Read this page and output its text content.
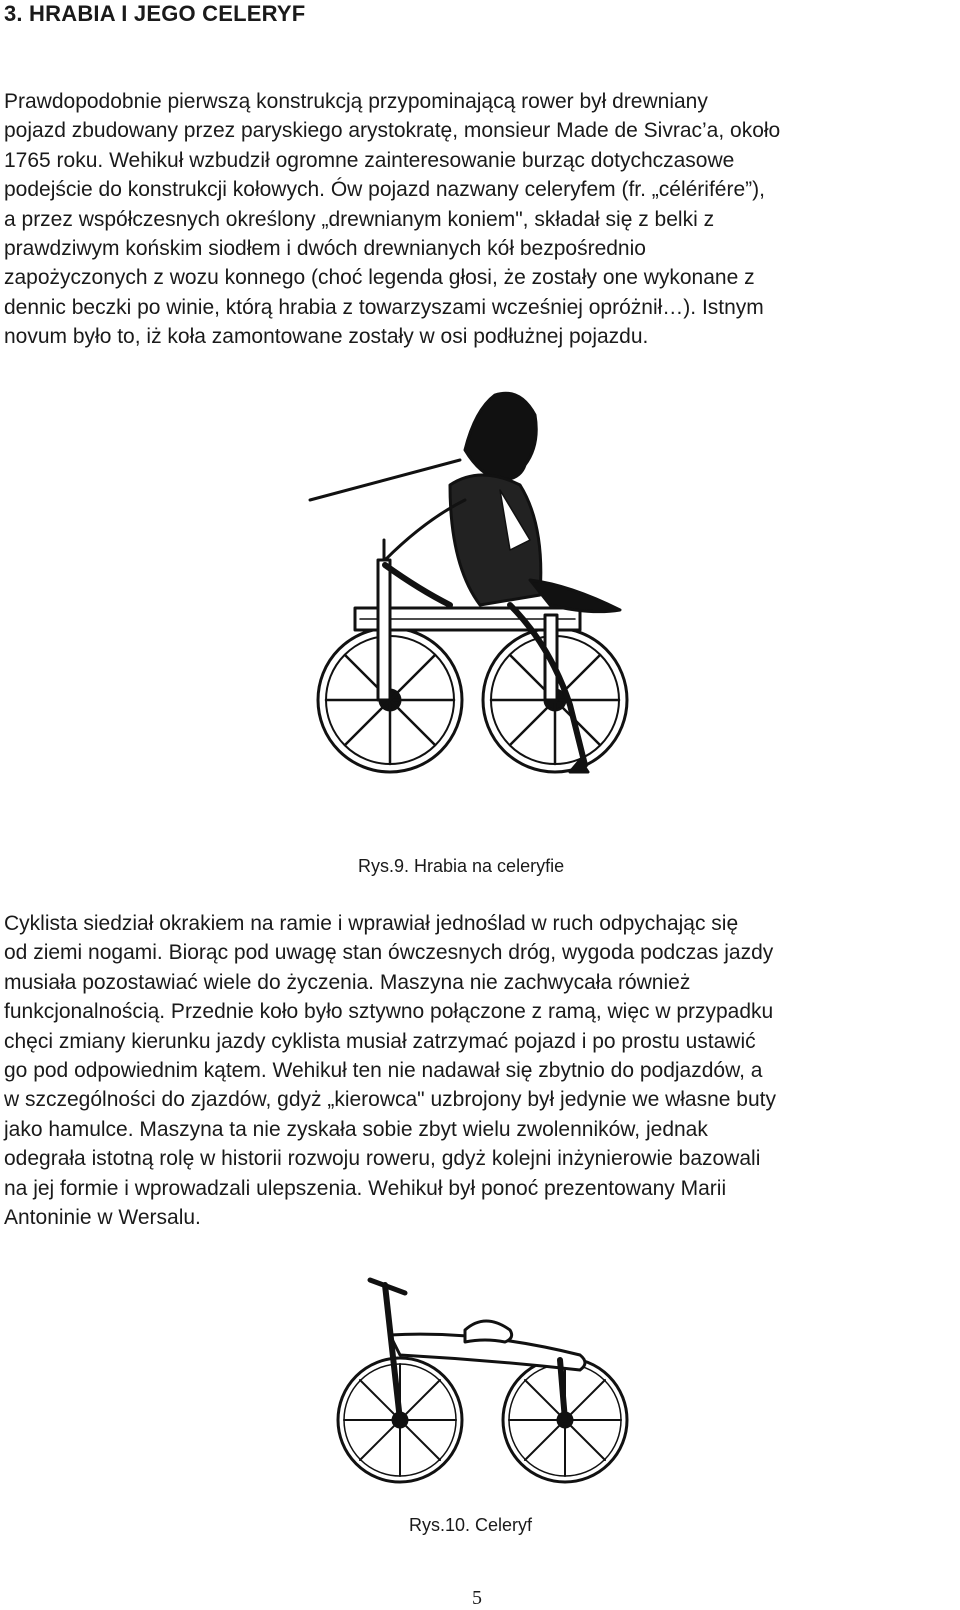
3. HRABIA I JEGO CELERYF

Prawdopodobnie pierwszą konstrukcją przypominającą rower był drewniany
pojazd zbudowany przez paryskiego arystokratę, monsieur Made de Sivrac’a, około
1765 roku. Wehikuł wzbudził ogromne zainteresowanie burząc dotychczasowe
podejście do konstrukcji kołowych. Ów pojazd nazwany celeryfem (fr. „célérifére”),
a przez współczesnych określony „drewnianym koniem", składał się z belki z
prawdziwym końskim siodłem i dwóch drewnianych kół bezpośrednio
zapożyczonych z wozu konnego (choć legenda głosi, że zostały one wykonane z
dennic beczki po winie, którą hrabia z towarzyszami wcześniej opróżnił…). Istnym
novum było to, iż koła zamontowane zostały w osi podłużnej pojazdu.

Rys.9. Hrabia na celeryfie

Cyklista siedział okrakiem na ramie i wprawiał jednoślad w ruch odpychając się
od ziemi nogami. Biorąc pod uwagę stan ówczesnych dróg, wygoda podczas jazdy
musiała pozostawiać wiele do życzenia. Maszyna nie zachwycała również
funkcjonalnością. Przednie koło było sztywno połączone z ramą, więc w przypadku
chęci zmiany kierunku jazdy cyklista musiał zatrzymać pojazd i po prostu ustawić
go pod odpowiednim kątem. Wehikuł ten nie nadawał się zbytnio do podjazdów, a
w szczególności do zjazdów, gdyż „kierowca" uzbrojony był jedynie we własne buty
jako hamulce. Maszyna ta nie zyskała sobie zbyt wielu zwolenników, jednak
odegrała istotną rolę w historii rozwoju roweru, gdyż kolejni inżynierowie bazowali
na jej formie i wprowadzali ulepszenia. Wehikuł był ponoć prezentowany Marii
Antoninie w Wersalu.

Rys.10. Celeryf

5
